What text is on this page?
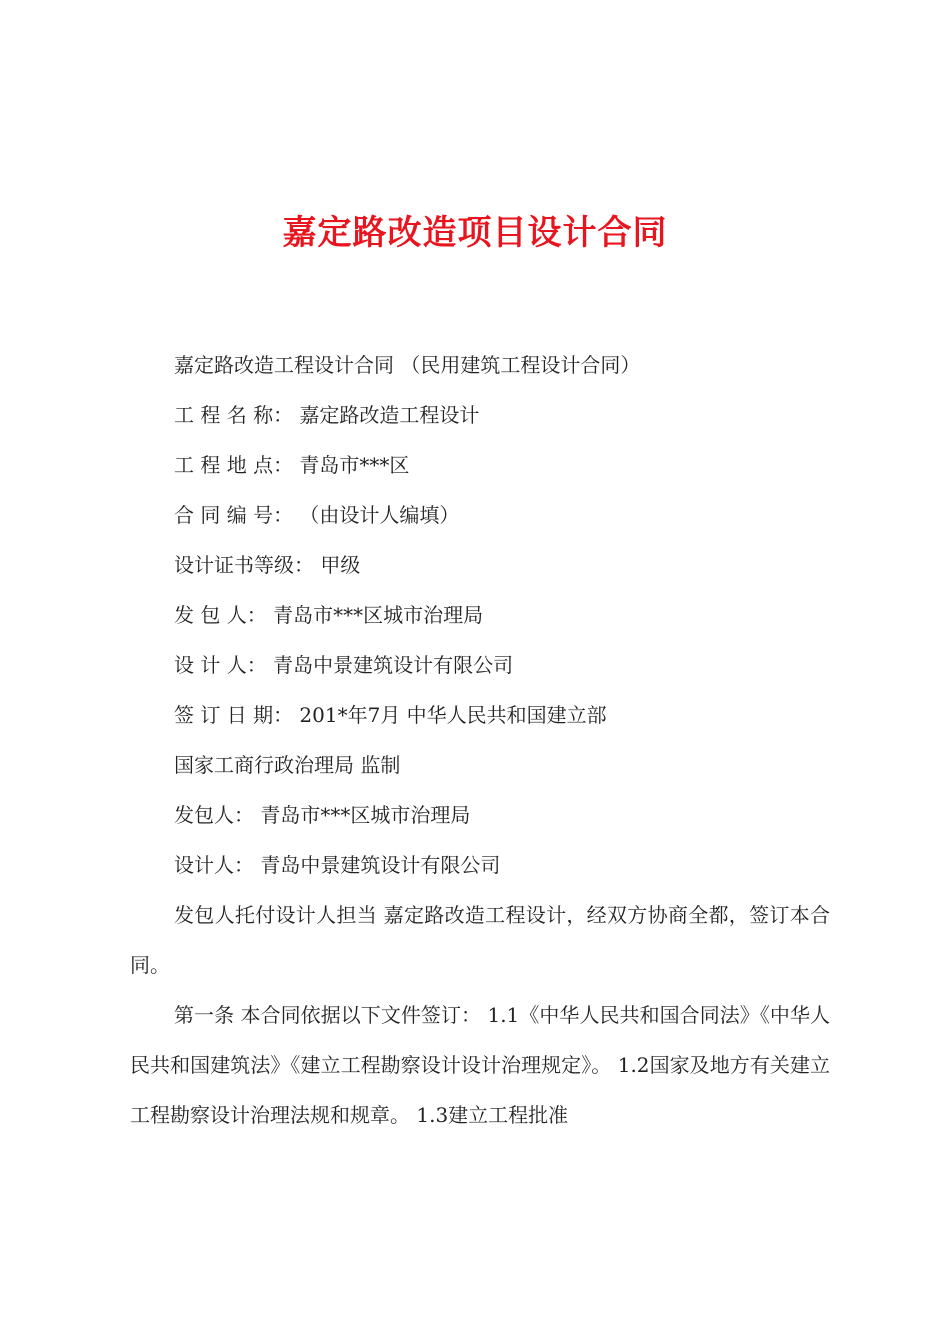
嘉定路改造项目设计合同

嘉定路改造工程设计合同 （民用建筑工程设计合同）

工 程 名 称： 嘉定路改造工程设计

工 程 地 点： 青岛市***区

合 同 编 号： （由设计人编填）

设计证书等级： 甲级

发 包 人： 青岛市***区城市治理局

设 计 人： 青岛中景建筑设计有限公司

签 订 日 期： 201*年7月 中华人民共和国建立部

国家工商行政治理局 监制

发包人： 青岛市***区城市治理局

设计人： 青岛中景建筑设计有限公司

发包人托付设计人担当 嘉定路改造工程设计，经双方协商全都，签订本合同。

第一条 本合同依据以下文件签订： 1.1《中华人民共和国合同法》《中华人民共和国建筑法》《建立工程勘察设计设计治理规定》。 1.2国家及地方有关建立工程勘察设计治理法规和规章。 1.3建立工程批准
